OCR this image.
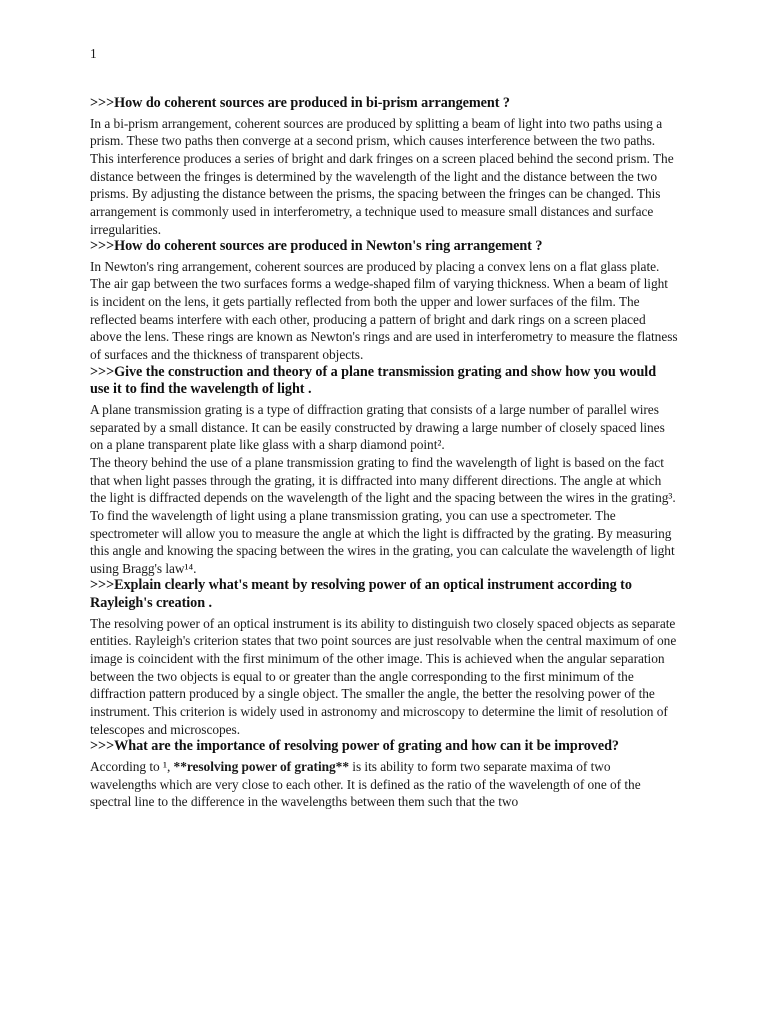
1

>>>How do coherent sources are produced in bi-prism arrangement ?

In a bi-prism arrangement, coherent sources are produced by splitting a beam of light into two paths using a prism. These two paths then converge at a second prism, which causes interference between the two paths. This interference produces a series of bright and dark fringes on a screen placed behind the second prism. The distance between the fringes is determined by the wavelength of the light and the distance between the two prisms. By adjusting the distance between the prisms, the spacing between the fringes can be changed. This arrangement is commonly used in interferometry, a technique used to measure small distances and surface irregularities.

>>>How do coherent sources are produced in Newton's ring arrangement ?

In Newton's ring arrangement, coherent sources are produced by placing a convex lens on a flat glass plate. The air gap between the two surfaces forms a wedge-shaped film of varying thickness. When a beam of light is incident on the lens, it gets partially reflected from both the upper and lower surfaces of the film. The reflected beams interfere with each other, producing a pattern of bright and dark rings on a screen placed above the lens. These rings are known as Newton's rings and are used in interferometry to measure the flatness of surfaces and the thickness of transparent objects.

>>>Give the construction and theory of a plane transmission grating and show how you would use it to find the wavelength of light .

A plane transmission grating is a type of diffraction grating that consists of a large number of parallel wires separated by a small distance. It can be easily constructed by drawing a large number of closely spaced lines on a plane transparent plate like glass with a sharp diamond point².

The theory behind the use of a plane transmission grating to find the wavelength of light is based on the fact that when light passes through the grating, it is diffracted into many different directions. The angle at which the light is diffracted depends on the wavelength of the light and the spacing between the wires in the grating³.

To find the wavelength of light using a plane transmission grating, you can use a spectrometer. The spectrometer will allow you to measure the angle at which the light is diffracted by the grating. By measuring this angle and knowing the spacing between the wires in the grating, you can calculate the wavelength of light using Bragg's law¹⁴.

>>>Explain clearly what's meant by resolving power of an optical instrument according to Rayleigh's creation .

The resolving power of an optical instrument is its ability to distinguish two closely spaced objects as separate entities. Rayleigh's criterion states that two point sources are just resolvable when the central maximum of one image is coincident with the first minimum of the other image. This is achieved when the angular separation between the two objects is equal to or greater than the angle corresponding to the first minimum of the diffraction pattern produced by a single object. The smaller the angle, the better the resolving power of the instrument. This criterion is widely used in astronomy and microscopy to determine the limit of resolution of telescopes and microscopes.

>>>What are the importance of resolving power of grating and how can it be improved?

According to ¹, **resolving power of grating** is its ability to form two separate maxima of two wavelengths which are very close to each other. It is defined as the ratio of the wavelength of one of the spectral line to the difference in the wavelengths between them such that the two
